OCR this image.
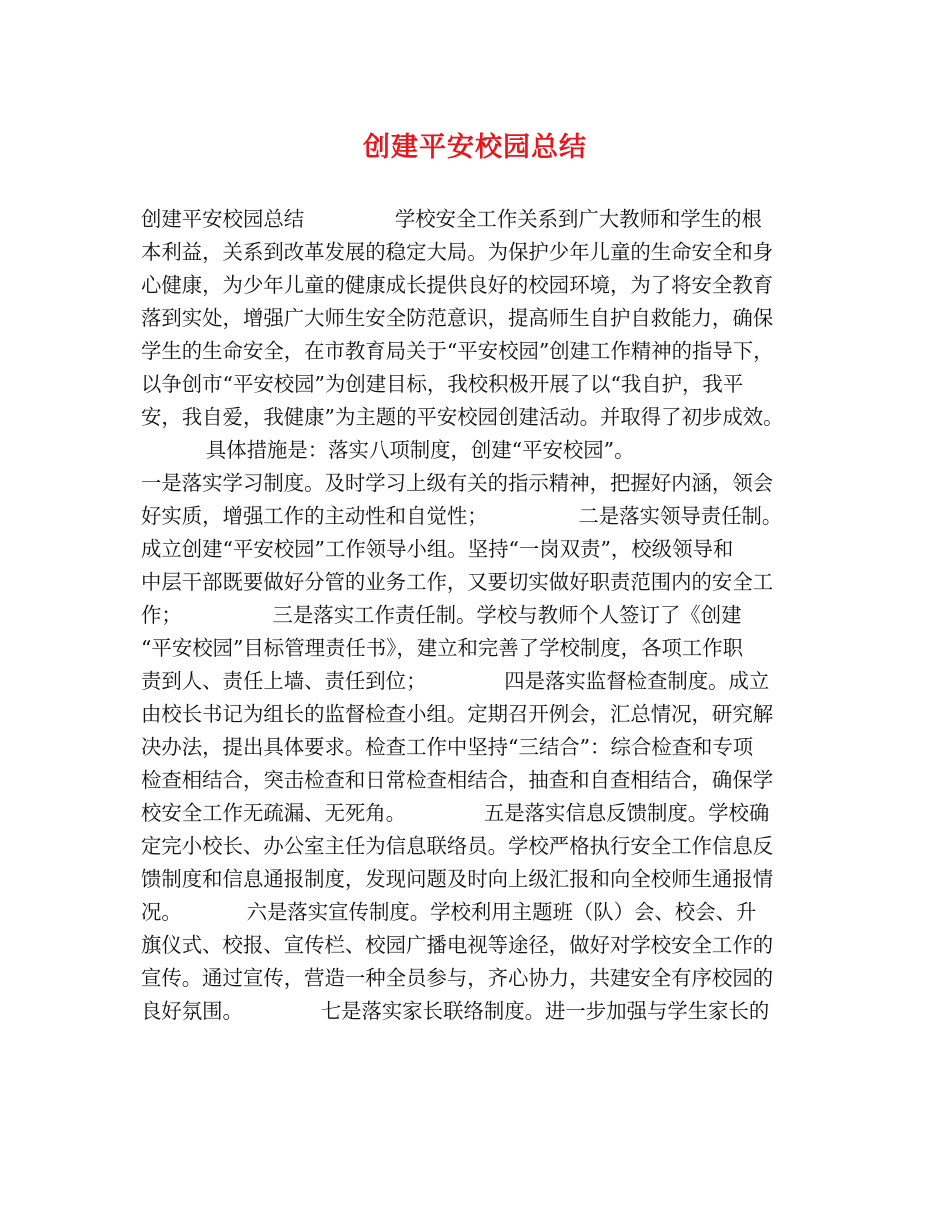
创建平安校园总结
创建平安校园总结              学校安全工作关系到广大教师和学生的根
本利益，关系到改革发展的稳定大局。为保护少年儿童的生命安全和身
心健康，为少年儿童的健康成长提供良好的校园环境，为了将安全教育
落到实处，增强广大师生安全防范意识，提高师生自护自救能力，确保
学生的生命安全，在市教育局关于“平安校园”创建工作精神的指导下，
以争创市“平安校园”为创建目标，我校积极开展了以“我自护，我平
安，我自爱，我健康”为主题的平安校园创建活动。并取得了初步成效。
具体措施是：落实八项制度，创建“平安校园”。
一是落实学习制度。及时学习上级有关的指示精神，把握好内涵，领会
好实质，增强工作的主动性和自觉性；              二是落实领导责任制。
成立创建“平安校园”工作领导小组。坚持“一岗双责”，校级领导和
中层干部既要做好分管的业务工作，又要切实做好职责范围内的安全工
作；              三是落实工作责任制。学校与教师个人签订了《创建
“平安校园”目标管理责任书》，建立和完善了学校制度，各项工作职
责到人、责任上墙、责任到位；            四是落实监督检查制度。成立
由校长书记为组长的监督检查小组。定期召开例会，汇总情况，研究解
决办法，提出具体要求。检查工作中坚持“三结合”：综合检查和专项
检查相结合，突击检查和日常检查相结合，抽查和自查相结合，确保学
校安全工作无疏漏、无死角。            五是落实信息反馈制度。学校确
定完小校长、办公室主任为信息联络员。学校严格执行安全工作信息反
馈制度和信息通报制度，发现问题及时向上级汇报和向全校师生通报情
况。          六是落实宣传制度。学校利用主题班（队）会、校会、升
旗仪式、校报、宣传栏、校园广播电视等途径，做好对学校安全工作的
宣传。通过宣传，营造一种全员参与，齐心协力，共建安全有序校园的
良好氛围。            七是落实家长联络制度。进一步加强与学生家长的
